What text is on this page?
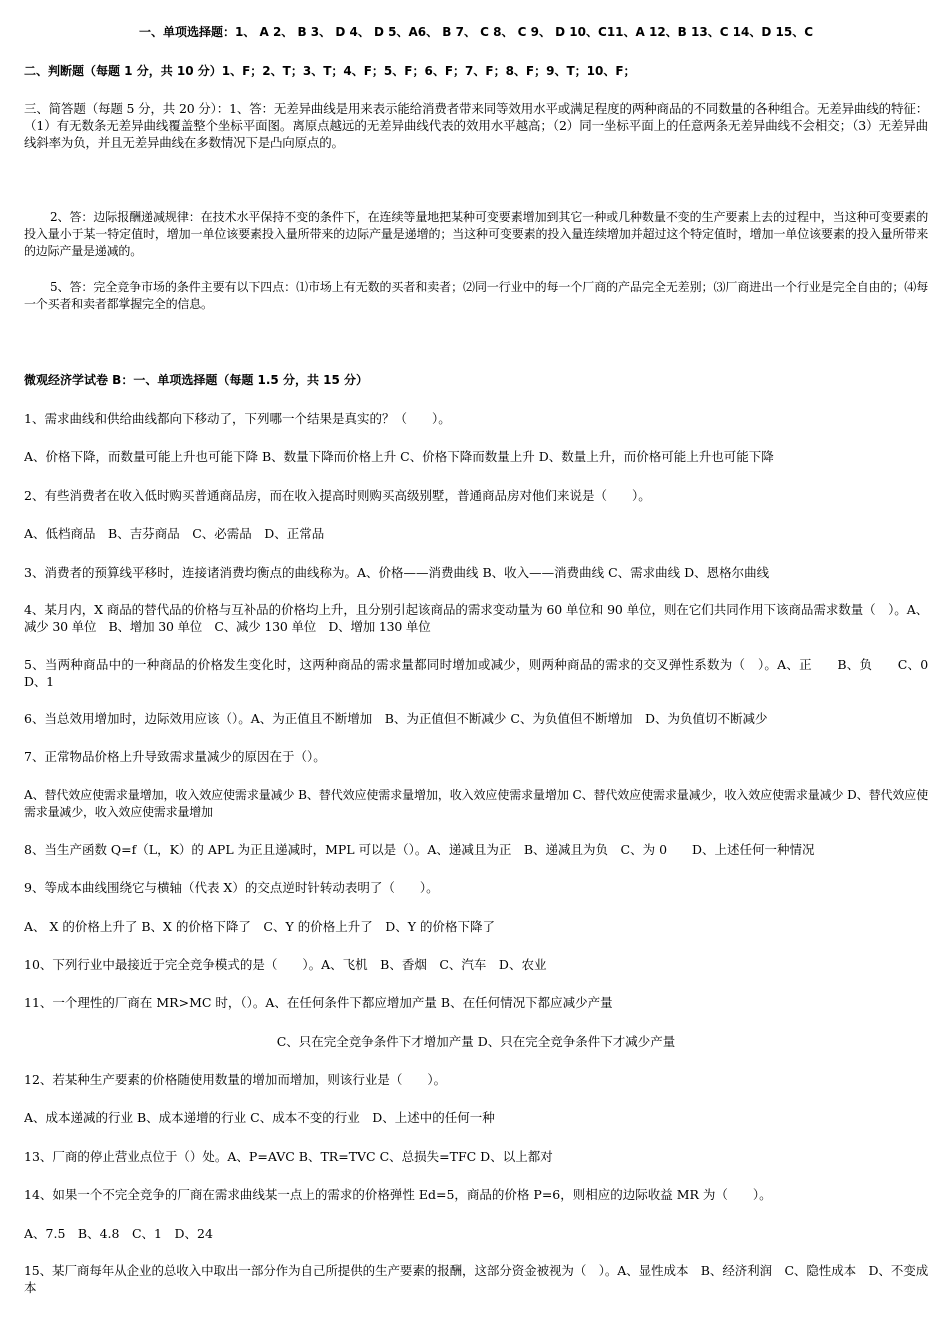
一、单项选择题：1、 A 2、 B 3、 D 4、 D 5、A6、 B 7、 C 8、 C 9、 D 10、C11、A 12、B 13、C 14、D 15、C
二、判断题（每题 1 分，共 10 分）1、F；2、T；3、T；4、F；5、F；6、F；7、F；8、F；9、T；10、F；
三、简答题（每题 5 分，共 20 分）：1、答：无差异曲线是用来表示能给消费者带来同等效用水平或满足程度的两种商品的不同数量的各种组合。无差异曲线的特征：（1）有无数条无差异曲线覆盖整个坐标平面图。离原点越远的无差异曲线代表的效用水平越高；（2）同一坐标平面上的任意两条无差异曲线不会相交；（3）无差异曲线斜率为负，并且无差异曲线在多数情况下是凸向原点的。
2、答：边际报酬递减规律：在技术水平保持不变的条件下，在连续等量地把某种可变要素增加到其它一种或几种数量不变的生产要素上去的过程中，当这种可变要素的投入量小于某一特定值时，增加一单位该要素投入量所带来的边际产量是递增的；当这种可变要素的投入量连续增加并超过这个特定值时，增加一单位该要素的投入量所带来的边际产量是递减的。
5、答：完全竞争市场的条件主要有以下四点：⑴市场上有无数的买者和卖者；⑵同一行业中的每一个厂商的产品完全无差别；⑶厂商进出一个行业是完全自由的；⑷每一个买者和卖者都掌握完全的信息。
微观经济学试卷 B：一、单项选择题（每题 1.5 分，共 15 分）
1、需求曲线和供给曲线都向下移动了，下列哪一个结果是真实的？（　　）。
A、价格下降，而数量可能上升也可能下降 B、数量下降而价格上升 C、价格下降而数量上升 D、数量上升，而价格可能上升也可能下降
2、有些消费者在收入低时购买普通商品房，而在收入提高时则购买高级别墅，普通商品房对他们来说是（　　）。
A、低档商品　B、吉芬商品　C、必需品　D、正常品
3、消费者的预算线平移时，连接诸消费均衡点的曲线称为。A、价格——消费曲线 B、收入——消费曲线 C、需求曲线 D、恩格尔曲线
4、某月内，X 商品的替代品的价格与互补品的价格均上升，且分别引起该商品的需求变动量为 60 单位和 90 单位，则在它们共同作用下该商品需求数量（　）。A、减少 30 单位　B、增加 30 单位　C、减少 130 单位　D、增加 130 单位
5、当两种商品中的一种商品的价格发生变化时，这两种商品的需求量都同时增加或减少，则两种商品的需求的交叉弹性系数为（　）。A、正　　B、负　　C、0　　D、1
6、当总效用增加时，边际效用应该（）。A、为正值且不断增加　B、为正值但不断减少 C、为负值但不断增加　D、为负值切不断减少
7、正常物品价格上升导致需求量减少的原因在于（）。
A、替代效应使需求量增加，收入效应使需求量减少 B、替代效应使需求量增加，收入效应使需求量增加 C、替代效应使需求量减少，收入效应使需求量减少 D、替代效应使需求量减少，收入效应使需求量增加
8、当生产函数 Q=f（L，K）的 APL 为正且递减时，MPL 可以是（）。A、递减且为正　B、递减且为负　C、为 0　　D、上述任何一种情况
9、等成本曲线围绕它与横轴（代表 X）的交点逆时针转动表明了（　　）。
A、 X 的价格上升了 B、X 的价格下降了　C、Y 的价格上升了　D、Y 的价格下降了
10、下列行业中最接近于完全竞争模式的是（　　）。A、飞机　B、香烟　C、汽车　D、农业
11、一个理性的厂商在 MR>MC 时，（）。A、在任何条件下都应增加产量 B、在任何情况下都应减少产量
C、只在完全竞争条件下才增加产量 D、只在完全竞争条件下才减少产量
12、若某种生产要素的价格随使用数量的增加而增加，则该行业是（　　）。
A、成本递减的行业 B、成本递增的行业 C、成本不变的行业　D、上述中的任何一种
13、厂商的停止营业点位于（）处。A、P=AVC B、TR=TVC C、总损失=TFC D、以上都对
14、如果一个不完全竞争的厂商在需求曲线某一点上的需求的价格弹性 Ed=5，商品的价格 P=6，则相应的边际收益 MR 为（　　）。
A、7.5　B、4.8　C、1　D、24
15、某厂商每年从企业的总收入中取出一部分作为自己所提供的生产要素的报酬，这部分资金被视为（　）。A、显性成本　B、经济利润　C、隐性成本　D、不变成本
